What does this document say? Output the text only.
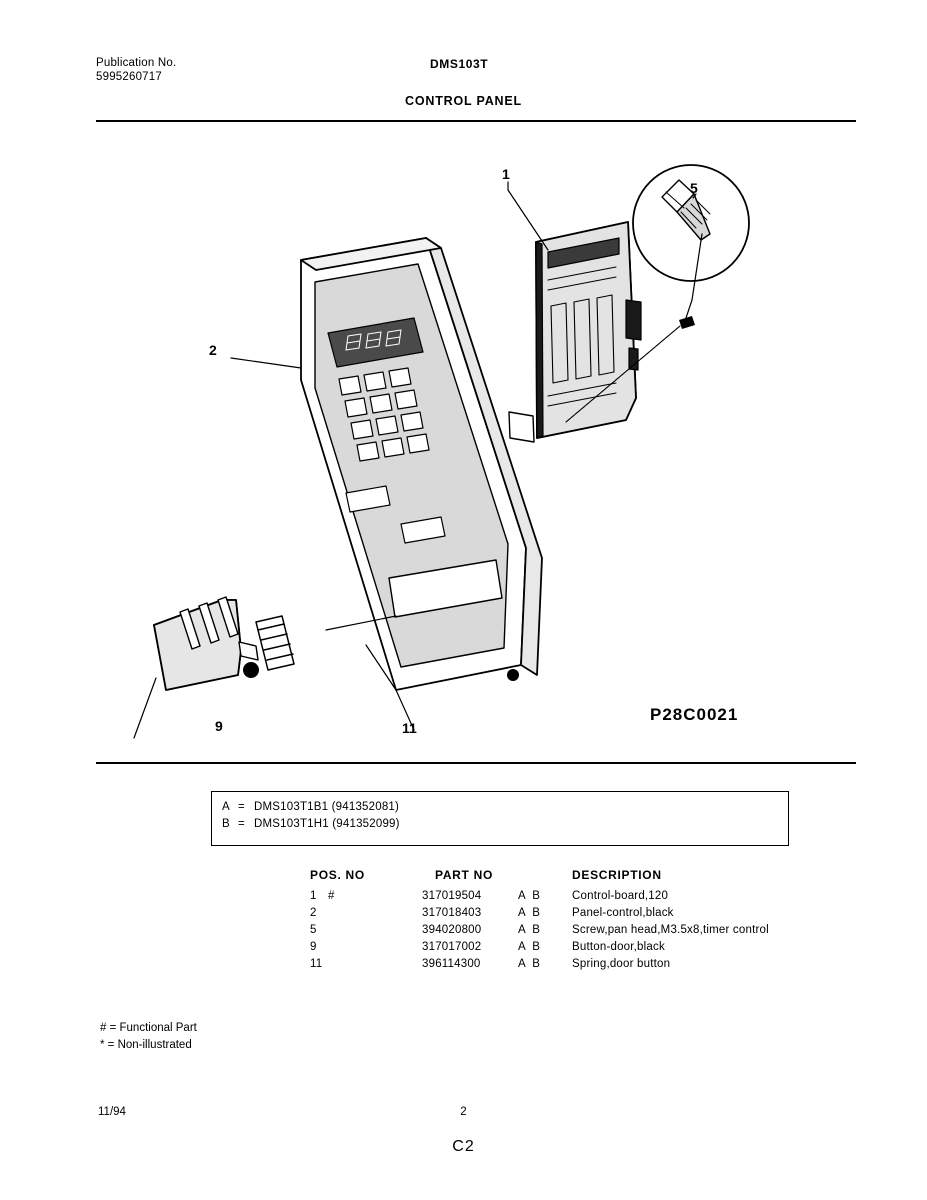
Publication No.
5995260717
DMS103T
CONTROL PANEL
1
2
5
9	11
P28C0021
A = DMS103T1B1 (941352081)
B = DMS103T1H1 (941352099)
POS. NO	PART NO	DESCRIPTION
1 #	317019504	A B	Control-board,120
2	317018403	A B	Panel-control,black
5	394020800	A B	Screw,pan head,M3.5x8,timer control
9	317017002	A B	Button-door,black
11	396114300	A B	Spring,door button
# = Functional Part
* = Non-illustrated
11/94	2
C2
